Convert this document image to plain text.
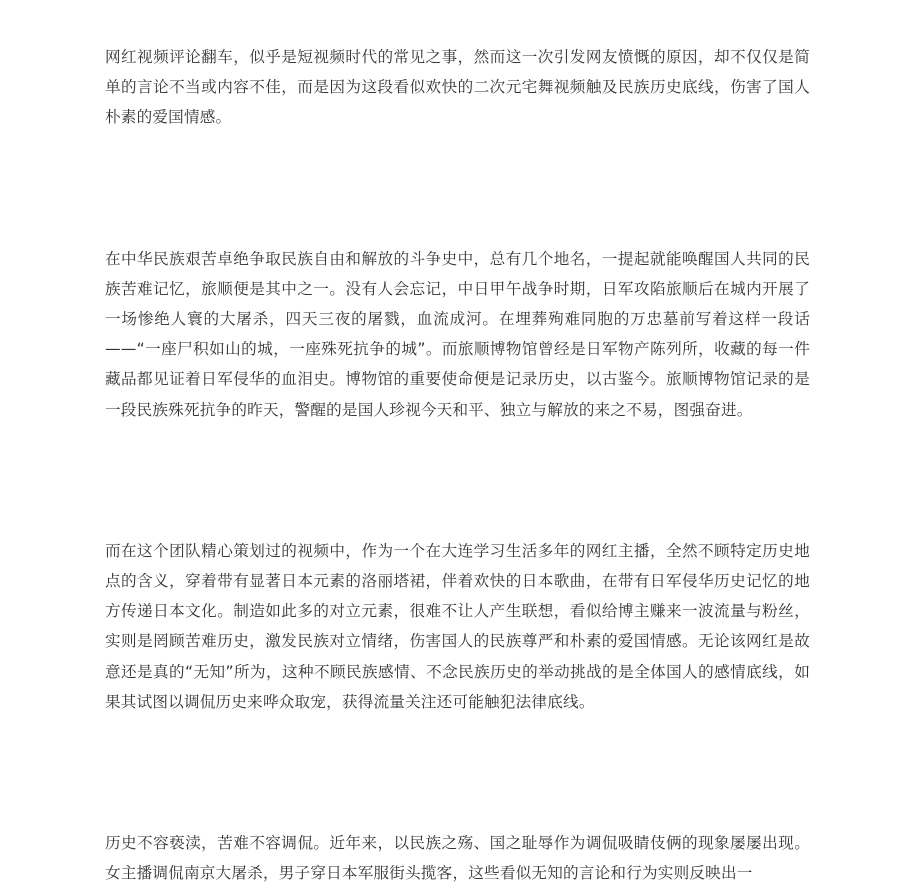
网红视频评论翻车，似乎是短视频时代的常见之事，然而这一次引发网友愤慨的原因，却不仅仅是简单的言论不当或内容不佳，而是因为这段看似欢快的二次元宅舞视频触及民族历史底线，伤害了国人朴素的爱国情感。

在中华民族艰苦卓绝争取民族自由和解放的斗争史中，总有几个地名，一提起就能唤醒国人共同的民族苦难记忆，旅顺便是其中之一。没有人会忘记，中日甲午战争时期，日军攻陷旅顺后在城内开展了一场惨绝人寰的大屠杀，四天三夜的屠戮，血流成河。在埋葬殉难同胞的万忠墓前写着这样一段话——“一座尸积如山的城，一座殊死抗争的城”。而旅顺博物馆曾经是日军物产陈列所，收藏的每一件藏品都见证着日军侵华的血泪史。博物馆的重要使命便是记录历史，以古鉴今。旅顺博物馆记录的是一段民族殊死抗争的昨天，警醒的是国人珍视今天和平、独立与解放的来之不易，图强奋进。

而在这个团队精心策划过的视频中，作为一个在大连学习生活多年的网红主播，全然不顾特定历史地点的含义，穿着带有显著日本元素的洛丽塔裙，伴着欢快的日本歌曲，在带有日军侵华历史记忆的地方传递日本文化。制造如此多的对立元素，很难不让人产生联想，看似给博主赚来一波流量与粉丝，实则是罔顾苦难历史，激发民族对立情绪，伤害国人的民族尊严和朴素的爱国情感。无论该网红是故意还是真的“无知”所为，这种不顾民族感情、不念民族历史的举动挑战的是全体国人的感情底线，如果其试图以调侃历史来哗众取宠，获得流量关注还可能触犯法律底线。

历史不容亵渎，苦难不容调侃。近年来，以民族之殇、国之耻辱作为调侃吸睛伎俩的现象屡屡出现。女主播调侃南京大屠杀，男子穿日本军服街头揽客，这些看似无知的言论和行为实则反映出一
